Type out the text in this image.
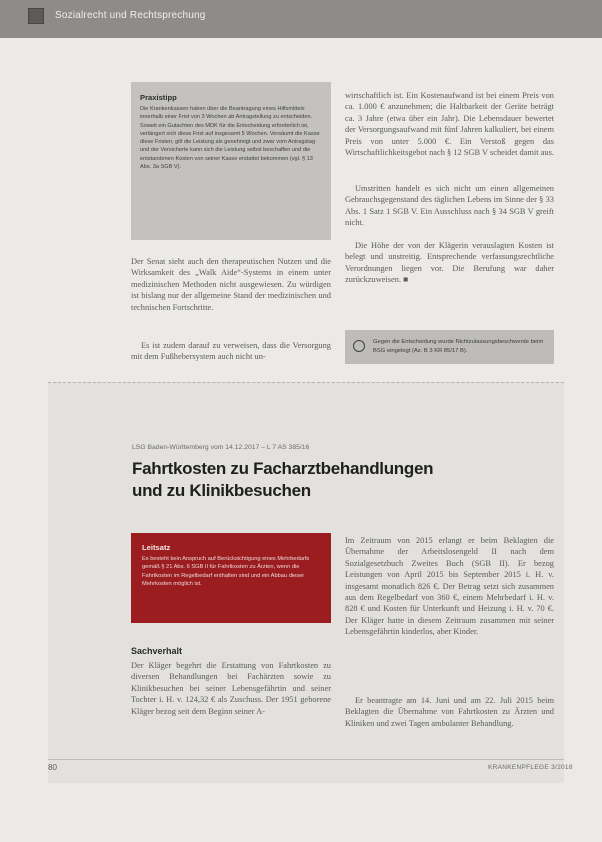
Sozialrecht und Rechtsprechung
Praxistipp
Die Krankenkassen haben über die Beantragung eines Hilfsmittels innerhalb einer Frist von 3 Wochen ab Antragstellung zu entscheiden. Soweit ein Gutachten des MDK für die Entscheidung erforderlich ist, verlängert sich diese Frist auf insgesamt 5 Wochen. Versäumt die Kasse diese Fristen, gilt die Leistung als genehmigt und zwar vom Antragstag und der Versicherte kann sich die Leistung selbst beschaffen und die entstandenen Kosten von seiner Kasse erstattet bekommen (vgl. § 13 Abs. 3a SGB V).
Der Senat sieht auch den therapeutischen Nutzen und die Wirksamkeit des „Walk Aide“-Systems in einem unter medizinischen Methoden nicht ausgewiesen. Zu würdigen ist bislang nur der allgemeine Stand der medizinischen und technischen Fortschritte.
Es ist zudem darauf zu verweisen, dass die Versorgung mit dem Fußhebersystem auch nicht un-
wirtschaftlich ist. Ein Kostenaufwand ist bei einem Preis von ca. 1.000 € anzunehmen; die Haltbarkeit der Geräte beträgt ca. 3 Jahre (etwa über ein Jahr). Die Lebensdauer bewertet der Versorgungsaufwand mit fünf Jahren kalkuliert, bei einem Preis von unter 5.000 €. Ein Verstoß gegen das Wirtschaftlichkeitsgebot nach § 12 SGB V scheidet damit aus.
Umstritten handelt es sich nicht um einen allgemeinen Gebrauchsgegenstand des täglichen Lebens im Sinne der § 33 Abs. 1 Satz 1 SGB V. Ein Ausschluss nach § 34 SGB V greift nicht.
Die Höhe der von der Klägerin verauslagten Kosten ist belegt und unstreitig. Entsprechende verfassungsrechtliche Verordnungen liegen vor. Die Berufung war daher zurückzuweisen. ■
Gegen die Entscheidung wurde Nichtzulassungsbeschwerde beim BSG eingelegt (Az. B 3 KR 85/17 B).
LSG Baden-Württemberg vom 14.12.2017 – L 7 AS 385/16
Fahrtkosten zu Facharztbehandlungen und zu Klinikbesuchen
Leitsatz
Es besteht kein Anspruch auf Berücksichtigung eines Mehrbedarfs gemäß § 21 Abs. 6 SGB II für Fahrtkosten zu Ärzten, wenn die Fahrtkosten im Regelbedarf enthalten sind und ein Abbau dieser Mehrkosten möglich ist.
Sachverhalt
Der Kläger begehrt die Erstattung von Fahrtkosten zu diversen Behandlungen bei Fachärzten sowie zu Klinikbesuchen bei seiner Lebensgefährtin und seiner Tochter i. H. v. 124,32 € als Zuschuss. Der 1951 geborene Kläger bezog seit dem Beginn seiner A-
Im Zeitraum von 2015 erlangt er beim Beklagten die Übernahme der Arbeitslosengeld II nach dem Sozialgesetzbuch Zweites Buch (SGB II). Er bezog Leistungen von April 2015 bis September 2015 i. H. v. insgesamt monatlich 826 €. Der Betrag setzt sich zusammen aus dem Regelbedarf von 360 €, einem Mehrbedarf i. H. v. 828 € und Kosten für Unterkunft und Heizung i. H. v. 70 €. Der Kläger hatte in diesem Zeitraum zusammen mit seiner Lebensgefährtin kinderlos, aber Kinder.
Er beantragte am 14. Juni und am 22. Juli 2015 beim Beklagten die Übernahme von Fahrtkosten zu Ärzten und Kliniken und zwei Tagen ambulanter Behandlung.
80	KRANKENPFLEGE 3/2018
